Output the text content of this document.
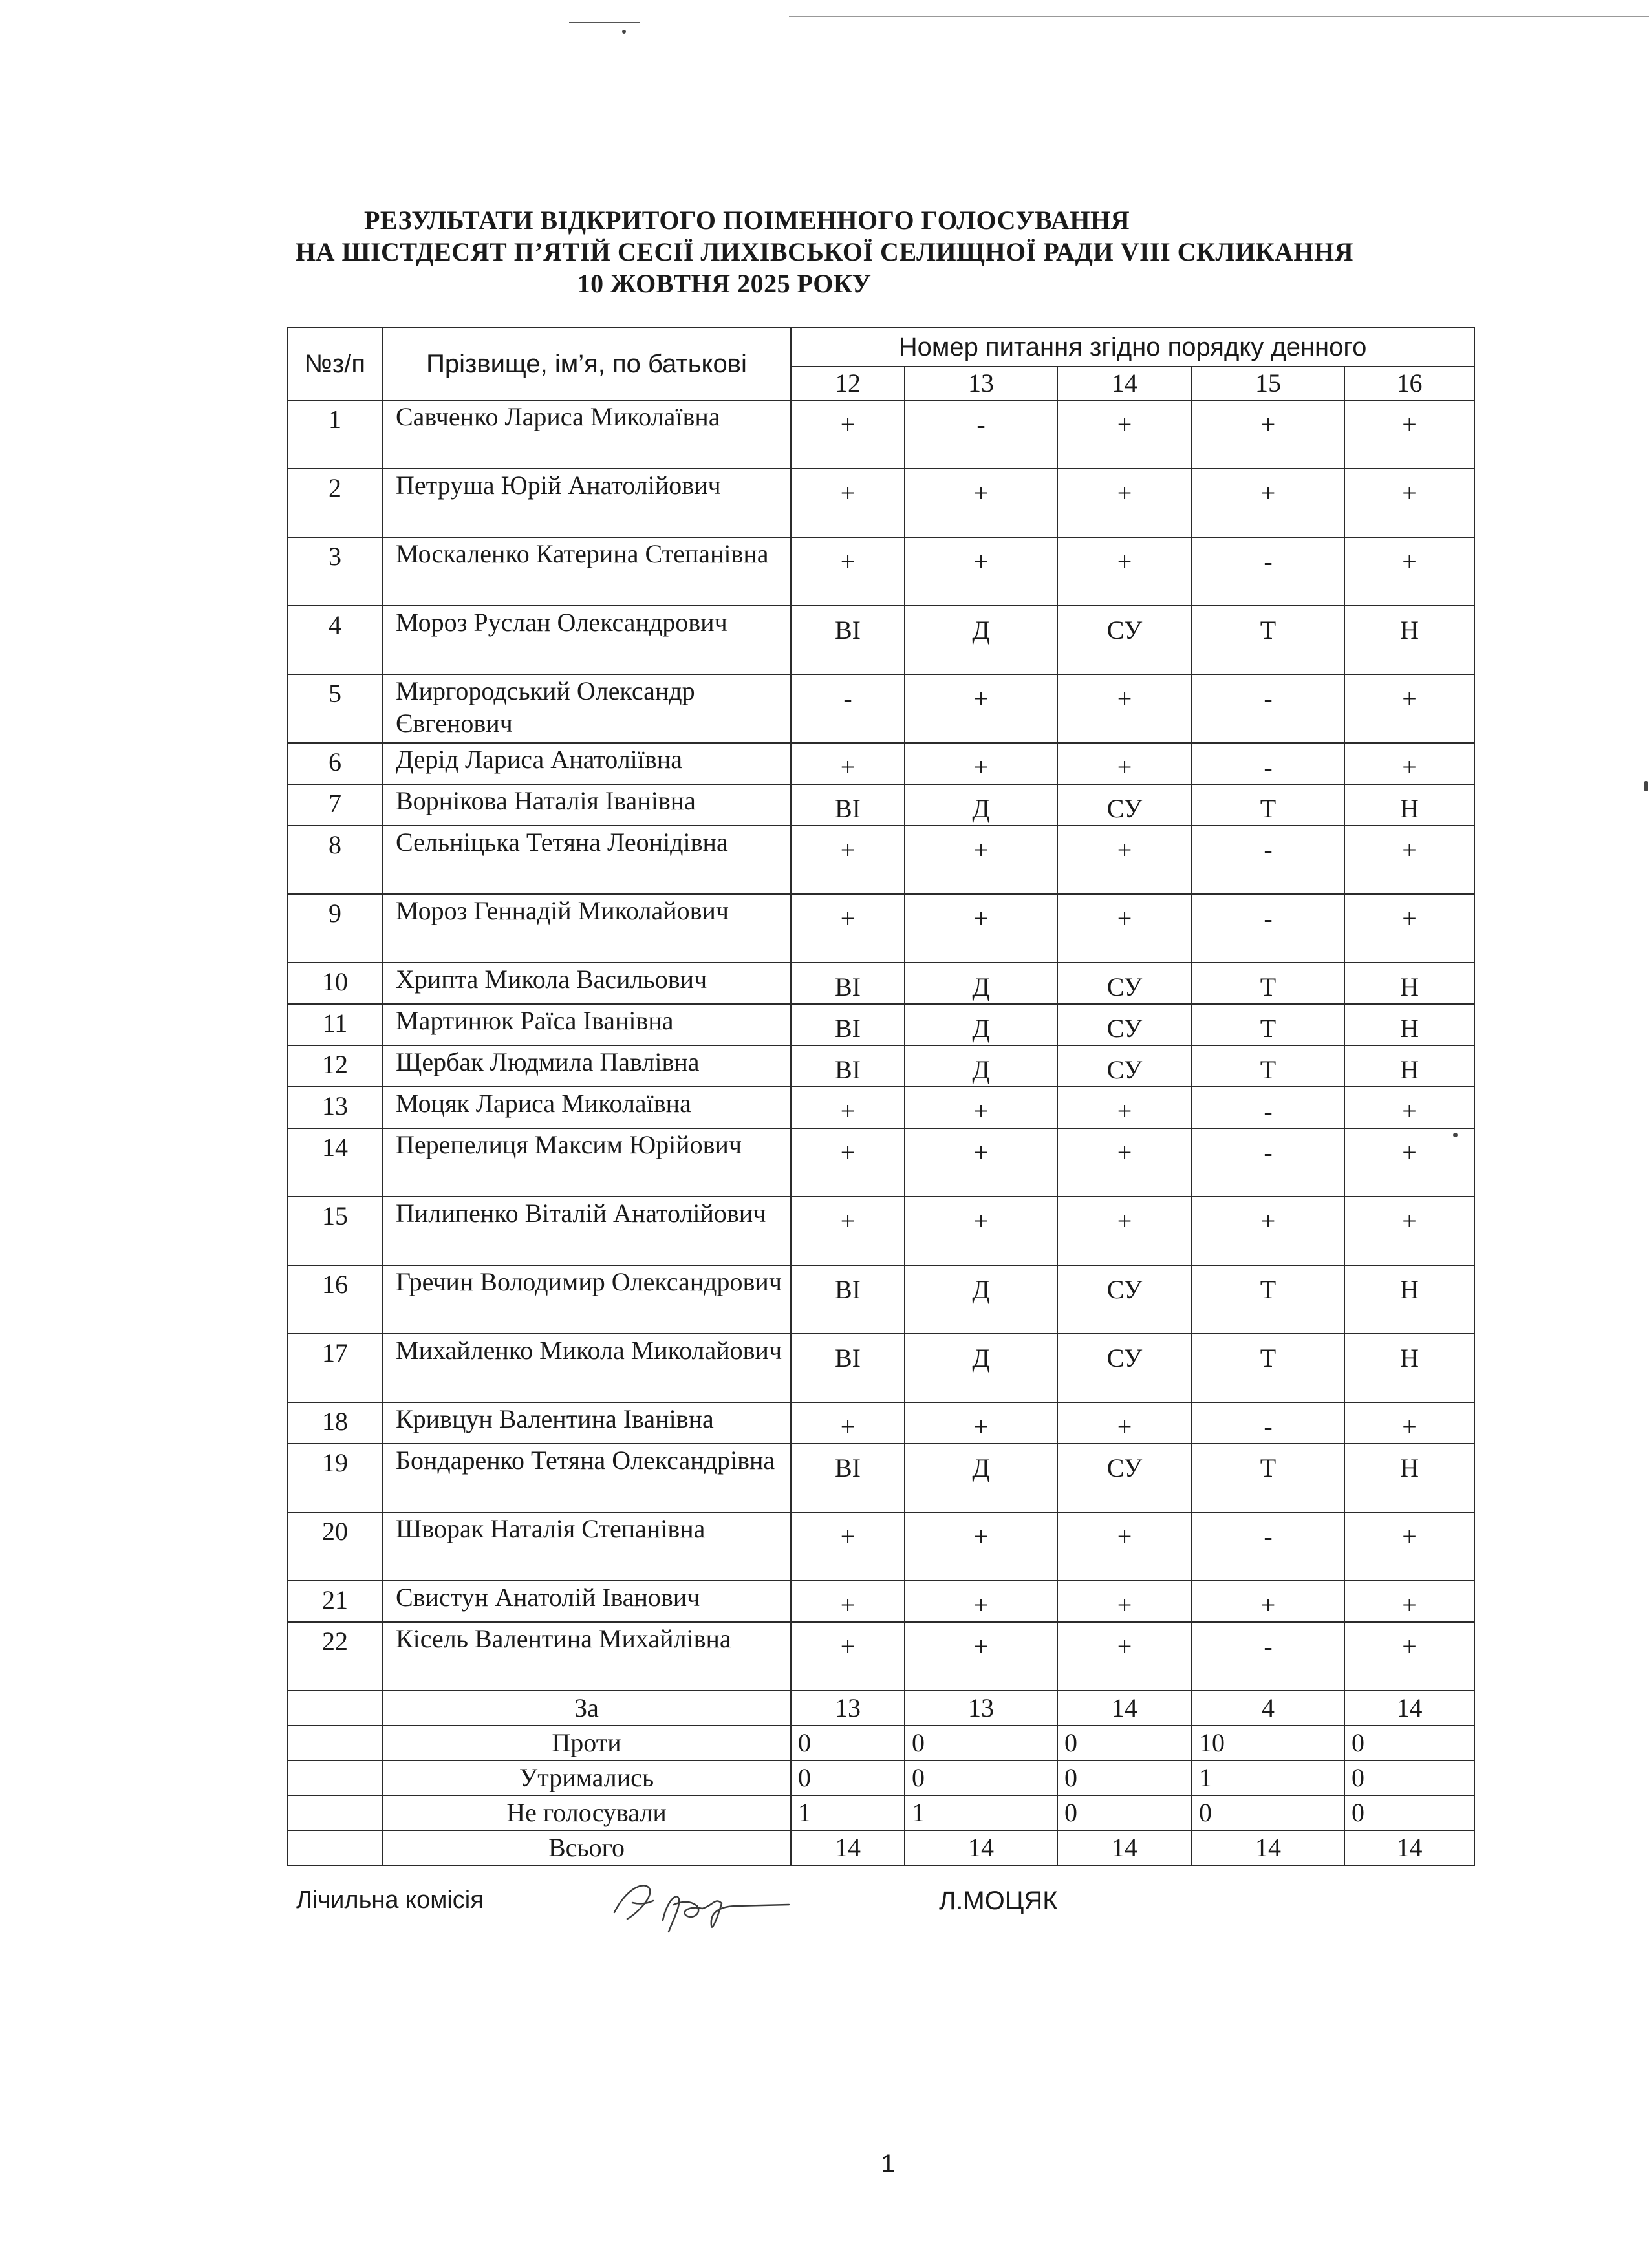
РЕЗУЛЬТАТИ ВІДКРИТОГО ПОІМЕННОГО ГОЛОСУВАННЯ
НА ШІСТДЕСЯТ П’ЯТІЙ СЕСІЇ ЛИХІВСЬКОЇ СЕЛИЩНОЇ РАДИ VIII СКЛИКАННЯ
10 ЖОВТНЯ 2025 РОКУ
№з/п	Прізвище, ім’я, по батькові	Номер питання згідно порядку денного				
		12	13	14	15	16
1	Савченко Лариса Миколаївна	+	-	+	+	+
2	Петруша Юрій Анатолійович	+	+	+	+	+
3	Москаленко Катерина Степанівна	+	+	+	-	+
4	Мороз Руслан Олександрович	ВІ	Д	СУ	Т	Н
5	Миргородський Олександр Євгенович	-	+	+	-	+
6	Дерід Лариса Анатоліївна	+	+	+	-	+
7	Ворнікова Наталія Іванівна	ВІ	Д	СУ	Т	Н
8	Сельніцька Тетяна Леонідівна	+	+	+	-	+
9	Мороз Геннадій Миколайович	+	+	+	-	+
10	Хрипта Микола Васильович	ВІ	Д	СУ	Т	Н
11	Мартинюк Раїса Іванівна	ВІ	Д	СУ	Т	Н
12	Щербак Людмила Павлівна	ВІ	Д	СУ	Т	Н
13	Моцяк Лариса Миколаївна	+	+	+	-	+
14	Перепелиця Максим Юрійович	+	+	+	-	+
15	Пилипенко Віталій Анатолійович	+	+	+	+	+
16	Гречин Володимир Олександрович	ВІ	Д	СУ	Т	Н
17	Михайленко Микола Миколайович	ВІ	Д	СУ	Т	Н
18	Кривцун Валентина Іванівна	+	+	+	-	+
19	Бондаренко Тетяна Олександрівна	ВІ	Д	СУ	Т	Н
20	Шворак Наталія Степанівна	+	+	+	-	+
21	Свистун Анатолій Іванович	+	+	+	+	+
22	Кісель Валентина Михайлівна	+	+	+	-	+
	За	13	13	14	4	14
	Проти	0	0	0	10	0
	Утримались	0	0	0	1	0
	Не голосували	1	1	0	0	0
	Всього	14	14	14	14	14
Лічильна комісія	Л.МОЦЯК
1
